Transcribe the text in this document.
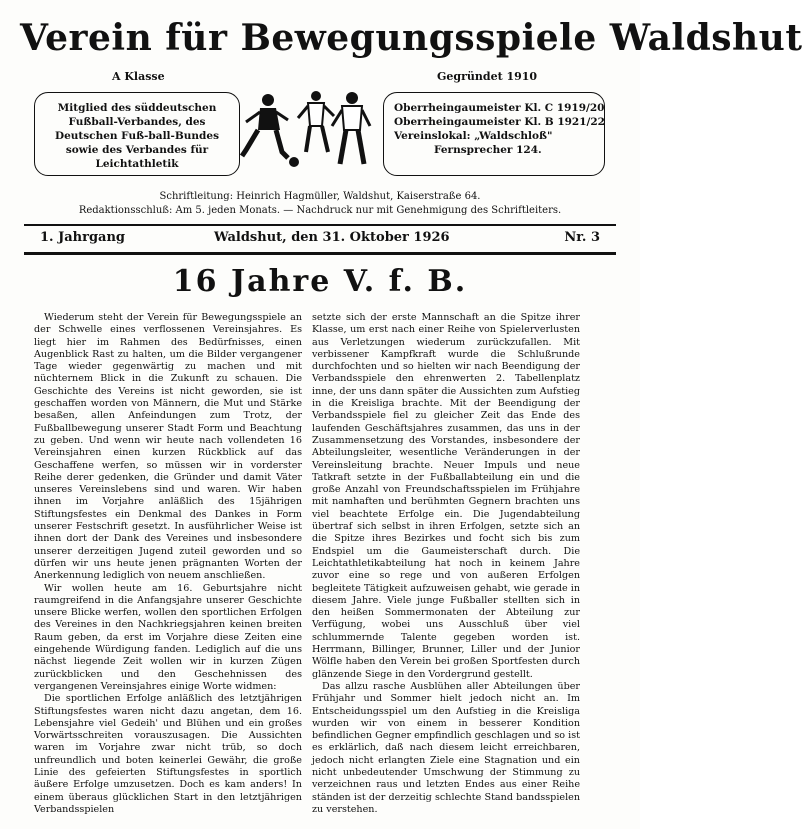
Verein für Bewegungsspiele Waldshut
A Klasse	Gegründet 1910
Mitglied des süddeutschen Fußball-Verbandes, des Deutschen Fuß-ball-Bundes sowie des Verbandes für Leichtathletik
Oberrheingaumeister Kl. C 1919/20
Oberrheingaumeister Kl. B 1921/22
Vereinslokal: „Waldschloß"
Fernsprecher 124.
Schriftleitung: Heinrich Hagmüller, Waldshut, Kaiserstraße 64.
Redaktionsschluß: Am 5. jeden Monats. — Nachdruck nur mit Genehmigung des Schriftleiters.
1. Jahrgang	Waldshut, den 31. Oktober 1926	Nr. 3
16 Jahre V. f. B.

Wiederum steht der Verein für Bewegungsspiele an der Schwelle eines verflossenen Vereinsjahres. Es liegt hier im Rahmen des Bedürfnisses, einen Augenblick Rast zu halten, um die Bilder vergangener Tage wieder gegenwärtig zu machen und mit nüchternem Blick in die Zukunft zu schauen. Die Geschichte des Vereins ist nicht geworden, sie ist geschaffen worden von Männern, die Mut und Stärke besaßen, allen Anfeindungen zum Trotz, der Fußballbewegung unserer Stadt Form und Beachtung zu geben. Und wenn wir heute nach vollendeten 16 Vereinsjahren einen kurzen Rückblick auf das Geschaffene werfen, so müssen wir in vorderster Reihe derer gedenken, die Gründer und damit Väter unseres Vereinslebens sind und waren. Wir haben ihnen im Vorjahre anläßlich des 15jährigen Stiftungsfestes ein Denkmal des Dankes in Form unserer Festschrift gesetzt. In ausführlicher Weise ist ihnen dort der Dank des Vereines und insbesondere unserer derzeitigen Jugend zuteil geworden und so dürfen wir uns heute jenen prägnanten Worten der Anerkennung lediglich von neuem anschließen.

Wir wollen heute am 16. Geburtsjahre nicht raumgreifend in die Anfangsjahre unserer Geschichte unsere Blicke werfen, wollen den sportlichen Erfolgen des Vereines in den Nachkriegsjahren keinen breiten Raum geben, da erst im Vorjahre diese Zeiten eine eingehende Würdigung fanden. Lediglich auf die uns nächst liegende Zeit wollen wir in kurzen Zügen zurückblicken und den Geschehnissen des vergangenen Vereinsjahres einige Worte widmen:

Die sportlichen Erfolge anläßlich des letztjährigen Stiftungsfestes waren nicht dazu angetan, dem 16. Lebensjahre viel Gedeih' und Blühen und ein großes Vorwärtsschreiten vorauszusagen. Die Aussichten waren im Vorjahre zwar nicht trüb, so doch unfreundlich und boten keinerlei Gewähr, die große Linie des gefeierten Stiftungsfestes in sportlich äußere Erfolge umzusetzen. Doch es kam anders! In einem überaus glücklichen Start in den letztjährigen Verbandsspielen

setzte sich der erste Mannschaft an die Spitze ihrer Klasse, um erst nach einer Reihe von Spielerverlusten aus Verletzungen wiederum zurückzufallen. Mit verbissener Kampfkraft wurde die Schlußrunde durchfochten und so hielten wir nach Beendigung der Verbandsspiele den ehrenwerten 2. Tabellenplatz inne, der uns dann später die Aussichten zum Aufstieg in die Kreisliga brachte. Mit der Beendigung der Verbandsspiele fiel zu gleicher Zeit das Ende des laufenden Geschäftsjahres zusammen, das uns in der Zusammensetzung des Vorstandes, insbesondere der Abteilungsleiter, wesentliche Veränderungen in der Vereinsleitung brachte. Neuer Impuls und neue Tatkraft setzte in der Fußballabteilung ein und die große Anzahl von Freundschaftsspielen im Frühjahre mit namhaften und berühmten Gegnern brachten uns viel beachtete Erfolge ein. Die Jugendabteilung übertraf sich selbst in ihren Erfolgen, setzte sich an die Spitze ihres Bezirkes und focht sich bis zum Endspiel um die Gaumeisterschaft durch. Die Leichtathletikabteilung hat noch in keinem Jahre zuvor eine so rege und von außeren Erfolgen begleitete Tätigkeit aufzuweisen gehabt, wie gerade in diesem Jahre. Viele junge Fußballer stellten sich in den heißen Sommermonaten der Abteilung zur Verfügung, wobei uns Ausschluß über viel schlummernde Talente gegeben worden ist. Herrmann, Billinger, Brunner, Liller und der Junior Wölfle haben den Verein bei großen Sportfesten durch glänzende Siege in den Vordergrund gestellt.

Das allzu rasche Ausblühen aller Abteilungen über Frühjahr und Sommer hielt jedoch nicht an. Im Entscheidungsspiel um den Aufstieg in die Kreisliga wurden wir von einem in besserer Kondition befindlichen Gegner empfindlich geschlagen und so ist es erklärlich, daß nach diesem leicht erreichbaren, jedoch nicht erlangten Ziele eine Stagnation und ein nicht unbedeutender Umschwung der Stimmung zu verzeichnen raus und letzten Endes aus einer Reihe ständen ist der derzeitig schlechte Stand bandsspielen zu verstehen.
